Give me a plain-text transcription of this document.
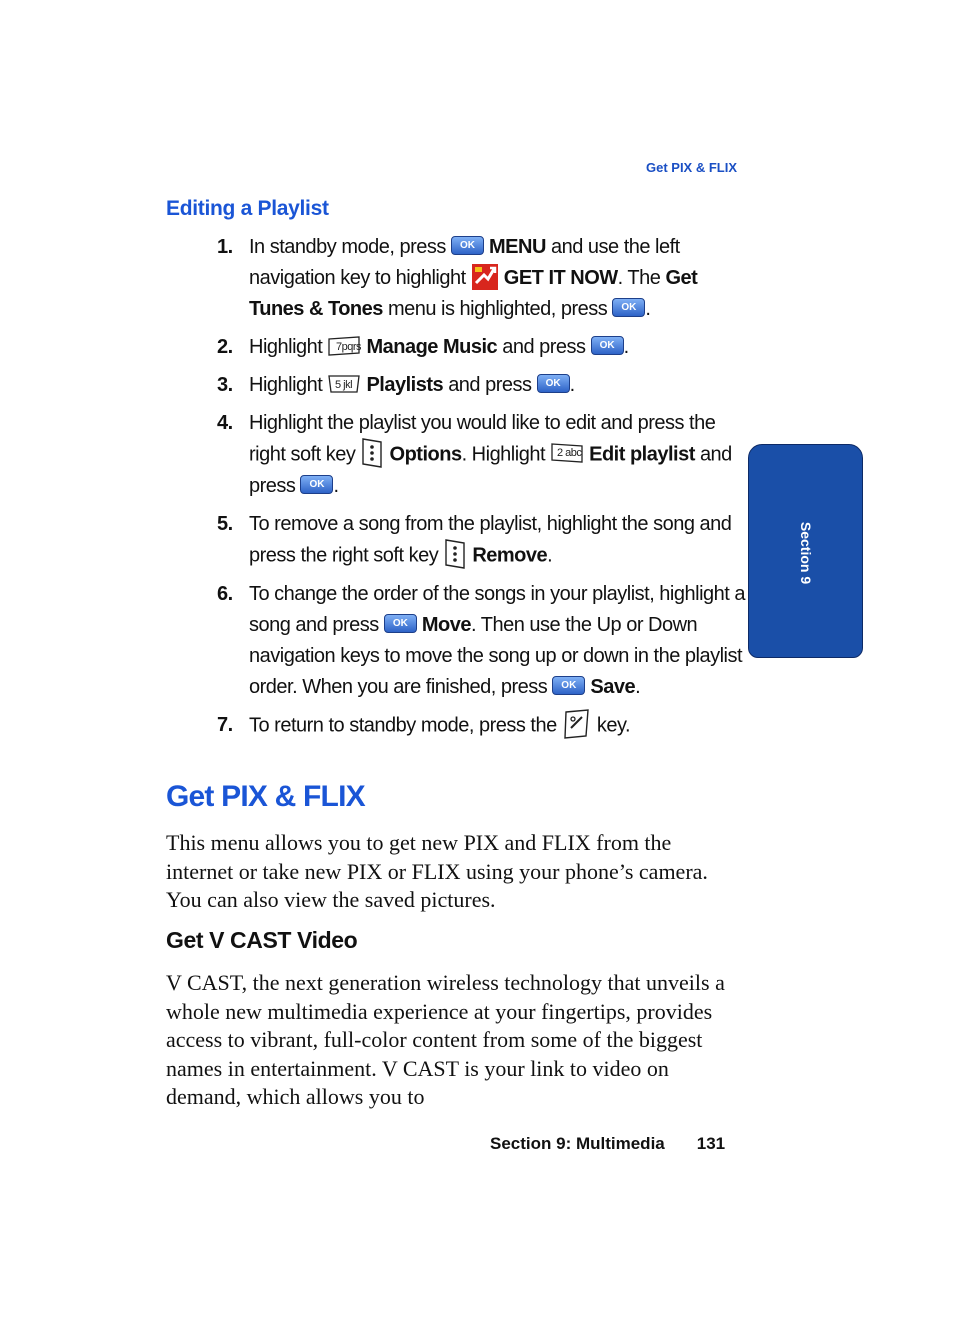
Get PIX & FLIX
Editing a Playlist
1. In standby mode, press OK MENU and use the left navigation key to highlight GET IT NOW. The Get Tunes & Tones menu is highlighted, press OK .
2. Highlight 7pqrs Manage Music and press OK .
3. Highlight 5 jkl Playlists and press OK .
4. Highlight the playlist you would like to edit and press the right soft key Options. Highlight 2 abc Edit playlist and press OK .
5. To remove a song from the playlist, highlight the song and press the right soft key Remove.
6. To change the order of the songs in your playlist, highlight a song and press OK Move. Then use the Up or Down navigation keys to move the song up or down in the playlist order. When you are finished, press OK Save.
7. To return to standby mode, press the key.
Get PIX & FLIX
This menu allows you to get new PIX and FLIX from the internet or take new PIX or FLIX using your phone’s camera. You can also view the saved pictures.
Get V CAST Video
V CAST, the next generation wireless technology that unveils a whole new multimedia experience at your fingertips, provides access to vibrant, full-color content from some of the biggest names in entertainment. V CAST is your link to video on demand, which allows you to
Section 9: Multimedia 131
Section 9
